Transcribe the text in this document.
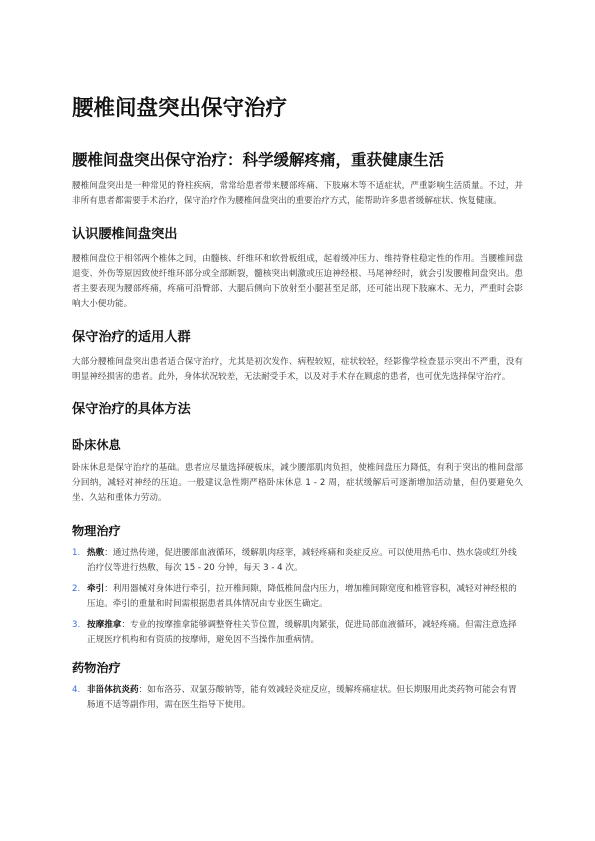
腰椎间盘突出保守治疗
腰椎间盘突出保守治疗：科学缓解疼痛，重获健康生活

腰椎间盘突出是一种常见的脊柱疾病，常常给患者带来腰部疼痛、下肢麻木等不适症状，严重影响生活质量。不过，并非所有患者都需要手术治疗，保守治疗作为腰椎间盘突出的重要治疗方式，能帮助许多患者缓解症状、恢复健康。

认识腰椎间盘突出

腰椎间盘位于相邻两个椎体之间，由髓核、纤维环和软骨板组成，起着缓冲压力、维持脊柱稳定性的作用。当腰椎间盘退变、外伤等原因致使纤维环部分或全部断裂，髓核突出刺激或压迫神经根、马尾神经时，就会引发腰椎间盘突出。患者主要表现为腰部疼痛，疼痛可沿臀部、大腿后侧向下放射至小腿甚至足部，还可能出现下肢麻木、无力，严重时会影响大小便功能。

保守治疗的适用人群

大部分腰椎间盘突出患者适合保守治疗，尤其是初次发作、病程较短，症状较轻，经影像学检查显示突出不严重，没有明显神经损害的患者。此外，身体状况较差，无法耐受手术，以及对手术存在顾虑的患者，也可优先选择保守治疗。

保守治疗的具体方法
卧床休息

卧床休息是保守治疗的基础。患者应尽量选择硬板床，减少腰部肌肉负担，使椎间盘压力降低，有利于突出的椎间盘部分回纳，减轻对神经的压迫。一般建议急性期严格卧床休息 1 - 2 周，症状缓解后可逐渐增加活动量，但仍要避免久坐、久站和重体力劳动。

物理治疗
1. 热敷：通过热传递，促进腰部血液循环，缓解肌肉痉挛，减轻疼痛和炎症反应。可以使用热毛巾、热水袋或红外线治疗仪等进行热敷，每次 15 - 20 分钟，每天 3 - 4 次。
2. 牵引：利用器械对身体进行牵引，拉开椎间隙，降低椎间盘内压力，增加椎间隙宽度和椎管容积，减轻对神经根的压迫。牵引的重量和时间需根据患者具体情况由专业医生确定。
3. 按摩推拿：专业的按摩推拿能够调整脊柱关节位置，缓解肌肉紧张，促进局部血液循环，减轻疼痛。但需注意选择正规医疗机构和有资质的按摩师，避免因不当操作加重病情。
药物治疗
4. 非甾体抗炎药：如布洛芬、双氯芬酸钠等，能有效减轻炎症反应，缓解疼痛症状。但长期服用此类药物可能会有胃肠道不适等副作用，需在医生指导下使用。
